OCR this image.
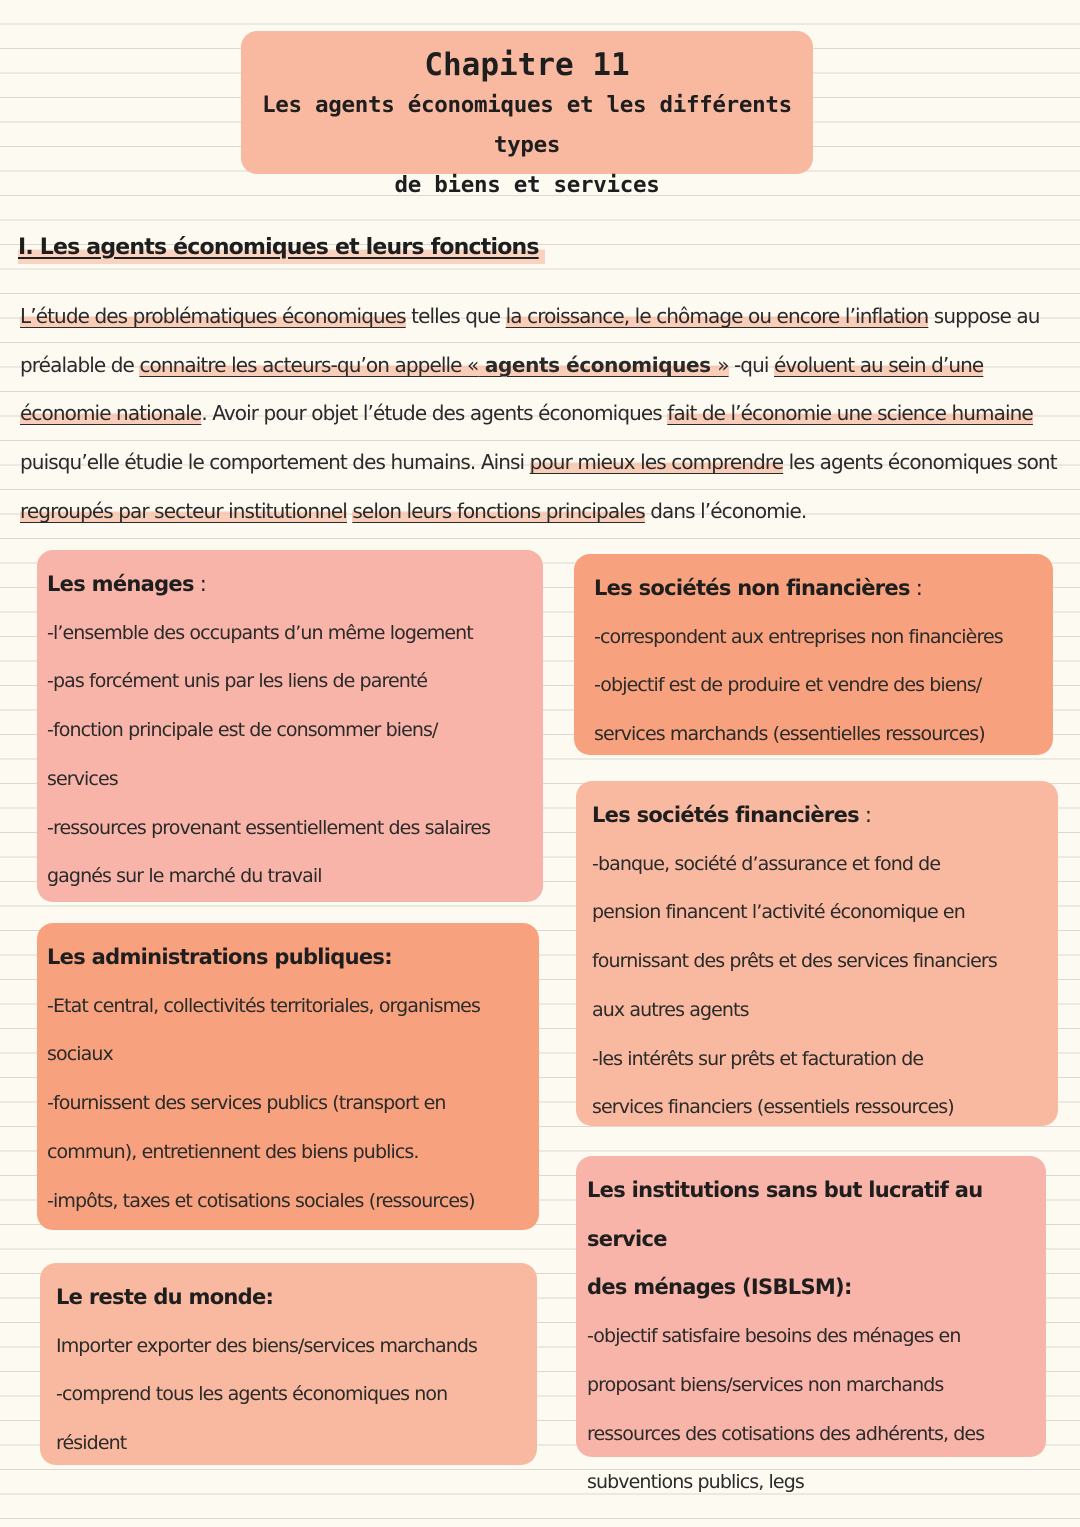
Chapitre 11
Les agents économiques et les différents types
de biens et services
I. Les agents économiques et leurs fonctions
L’étude des problématiques économiques telles que la croissance, le chômage ou encore l’inflation suppose au
préalable de connaitre les acteurs-qu’on appelle « agents économiques » -qui évoluent au sein d’une
économie nationale. Avoir pour objet l’étude des agents économiques fait de l’économie une science humaine
puisqu’elle étudie le comportement des humains. Ainsi pour mieux les comprendre les agents économiques sont
regroupés par secteur institutionnel selon leurs fonctions principales dans l’économie.
Les ménages :
-l’ensemble des occupants d’un même logement
-pas forcément unis par les liens de parenté
-fonction principale est de consommer biens/
services
-ressources provenant essentiellement des salaires
gagnés sur le marché du travail
Les administrations publiques:
-Etat central, collectivités territoriales, organismes
sociaux
-fournissent des services publics (transport en
commun), entretiennent des biens publics.
-impôts, taxes et cotisations sociales (ressources)
Le reste du monde:
Importer exporter des biens/services marchands
-comprend tous les agents économiques non
résident
Les sociétés non financières :
-correspondent aux entreprises non financières
-objectif est de produire et vendre des biens/
services marchands (essentielles ressources)
Les sociétés financières :
-banque, société d’assurance et fond de
pension financent l’activité économique en
fournissant des prêts et des services financiers
aux autres agents
-les intérêts sur prêts et facturation de
services financiers (essentiels ressources)
Les institutions sans but lucratif au service
des ménages (ISBLSM):
-objectif satisfaire besoins des ménages en
proposant biens/services non marchands
ressources des cotisations des adhérents, des
subventions publics, legs
